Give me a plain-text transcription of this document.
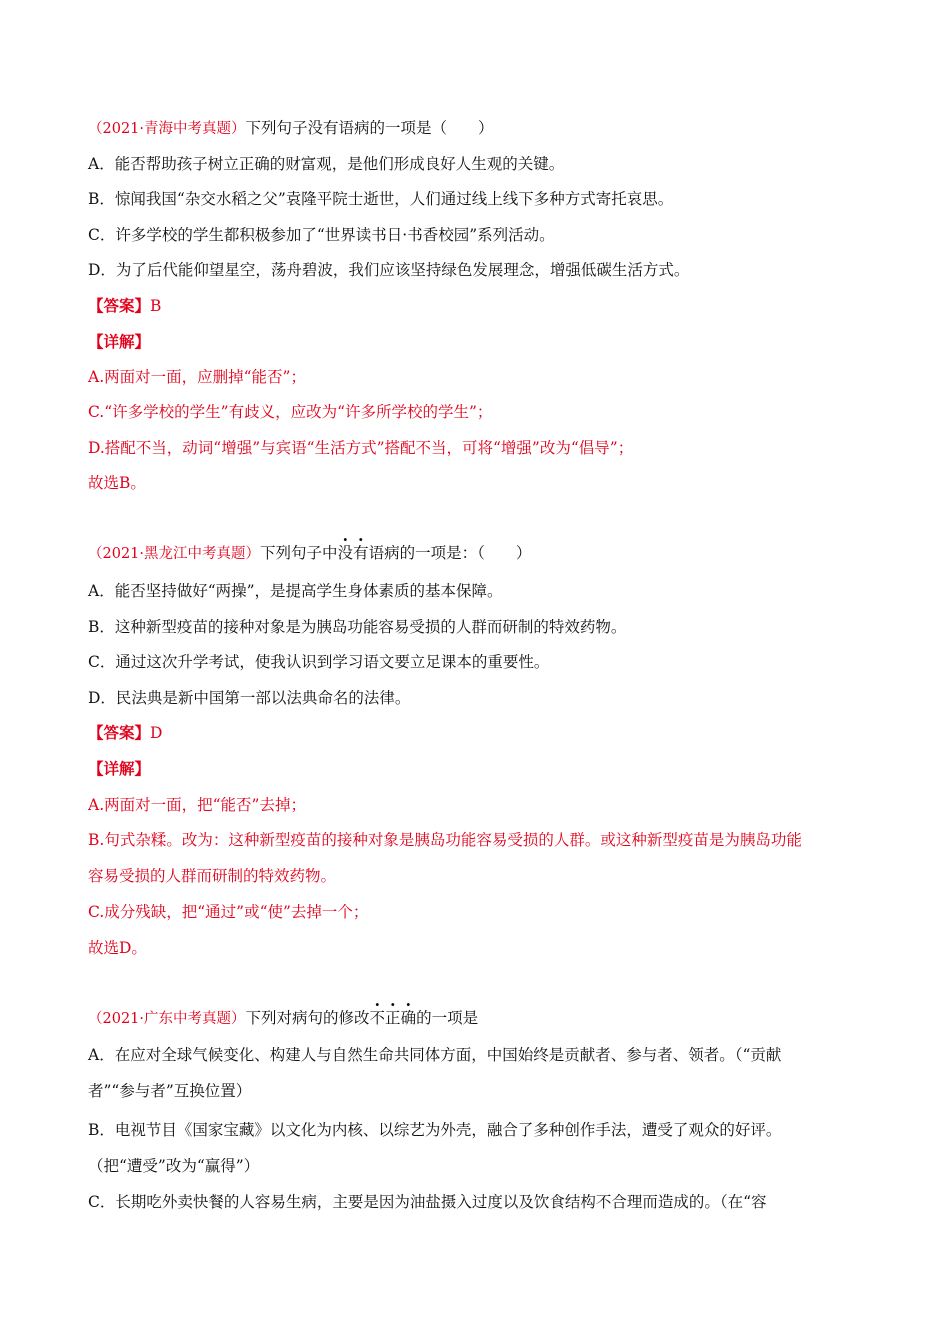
（2021·青海中考真题）下列句子没有语病的一项是（　　）
A．能否帮助孩子树立正确的财富观，是他们形成良好人生观的关键。
B．惊闻我国“杂交水稻之父”袁隆平院士逝世，人们通过线上线下多种方式寄托哀思。
C．许多学校的学生都积极参加了“世界读书日·书香校园”系列活动。
D．为了后代能仰望星空，荡舟碧波，我们应该坚持绿色发展理念，增强低碳生活方式。
【答案】B
【详解】
A.两面对一面，应删掉“能否”；
C.“许多学校的学生”有歧义，应改为“许多所学校的学生”；
D.搭配不当，动词“增强”与宾语“生活方式”搭配不当，可将“增强”改为“倡导”；
故选B。
（2021·黑龙江中考真题）下列句子中没有语病的一项是：（　　）
A．能否坚持做好“两操”，是提高学生身体素质的基本保障。
B．这种新型疫苗的接种对象是为胰岛功能容易受损的人群而研制的特效药物。
C．通过这次升学考试，使我认识到学习语文要立足课本的重要性。
D．民法典是新中国第一部以法典命名的法律。
【答案】D
【详解】
A.两面对一面，把“能否”去掉；
B.句式杂糅。改为：这种新型疫苗的接种对象是胰岛功能容易受损的人群。或这种新型疫苗是为胰岛功能
容易受损的人群而研制的特效药物。
C.成分残缺，把“通过”或“使”去掉一个；
故选D。
（2021·广东中考真题）下列对病句的修改不正确的一项是
A．在应对全球气候变化、构建人与自然生命共同体方面，中国始终是贡献者、参与者、领者。（“贡献
者”“参与者”互换位置）
B．电视节目《国家宝藏》以文化为内核、以综艺为外壳，融合了多种创作手法，遭受了观众的好评。
（把“遭受”改为“赢得”）
C．长期吃外卖快餐的人容易生病，主要是因为油盐摄入过度以及饮食结构不合理而造成的。（在“容
